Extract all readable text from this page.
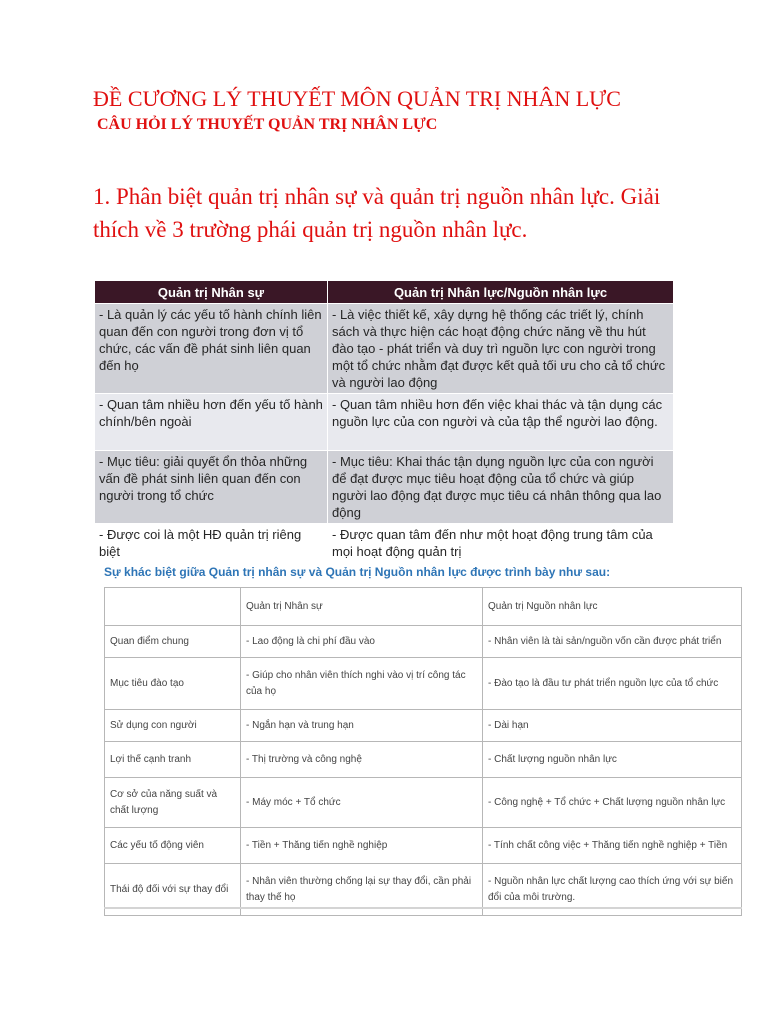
ĐỀ CƯƠNG LÝ THUYẾT MÔN QUẢN TRỊ NHÂN LỰC
CÂU HỎI LÝ THUYẾT QUẢN TRỊ NHÂN LỰC

1. Phân biệt quản trị nhân sự và quản trị nguồn nhân lực. Giải thích về 3 trường phái quản trị nguồn nhân lực.

Quản trị Nhân sự	Quản trị Nhân lực/Nguồn nhân lực
- Là quản lý các yếu tố hành chính liên quan đến con người trong đơn vị tổ chức, các vấn đề phát sinh liên quan đến họ	- Là việc thiết kế, xây dựng hệ thống các triết lý, chính sách và thực hiện các hoạt động chức năng về thu hút đào tạo - phát triển và duy trì nguồn lực con người trong một tổ chức nhằm đạt được kết quả tối ưu cho cả tổ chức và người lao động
- Quan tâm nhiều hơn đến yếu tố hành chính/bên ngoài	- Quan tâm nhiều hơn đến việc khai thác và tận dụng các nguồn lực của con người và của tập thể người lao động.
- Mục tiêu: giải quyết ổn thỏa những vấn đề phát sinh liên quan đến con người trong tổ chức	- Mục tiêu: Khai thác tận dụng nguồn lực của con người để đạt được mục tiêu hoạt động của tổ chức và giúp người lao động đạt được mục tiêu cá nhân thông qua lao động
- Được coi là một HĐ quản trị riêng biệt	- Được quan tâm đến như một hoạt động trung tâm của mọi hoạt động quản trị

Sự khác biệt giữa Quản trị nhân sự và Quản trị Nguồn nhân lực được trình bày như sau:

	Quản trị Nhân sự	Quản trị Nguồn nhân lực
Quan điểm chung	- Lao động là chi phí đầu vào	- Nhân viên là tài sản/nguồn vốn cần được phát triển
Mục tiêu đào tạo	- Giúp cho nhân viên thích nghi vào vị trí công tác của họ	- Đào tạo là đầu tư phát triển nguồn lực của tổ chức
Sử dụng con người	- Ngắn hạn và trung hạn	- Dài hạn
Lợi thế cạnh tranh	- Thị trường và công nghệ	- Chất lượng nguồn nhân lực
Cơ sở của năng suất và chất lượng	- Máy móc + Tổ chức	- Công nghệ + Tổ chức + Chất lượng nguồn nhân lực
Các yếu tố động viên	- Tiền + Thăng tiến nghề nghiệp	- Tính chất công việc + Thăng tiến nghề nghiệp + Tiền
Thái độ đối với sự thay đổi	- Nhân viên thường chống lại sự thay đổi, cần phải thay thế họ	- Nguồn nhân lực chất lượng cao thích ứng với sự biến đổi của môi trường.
